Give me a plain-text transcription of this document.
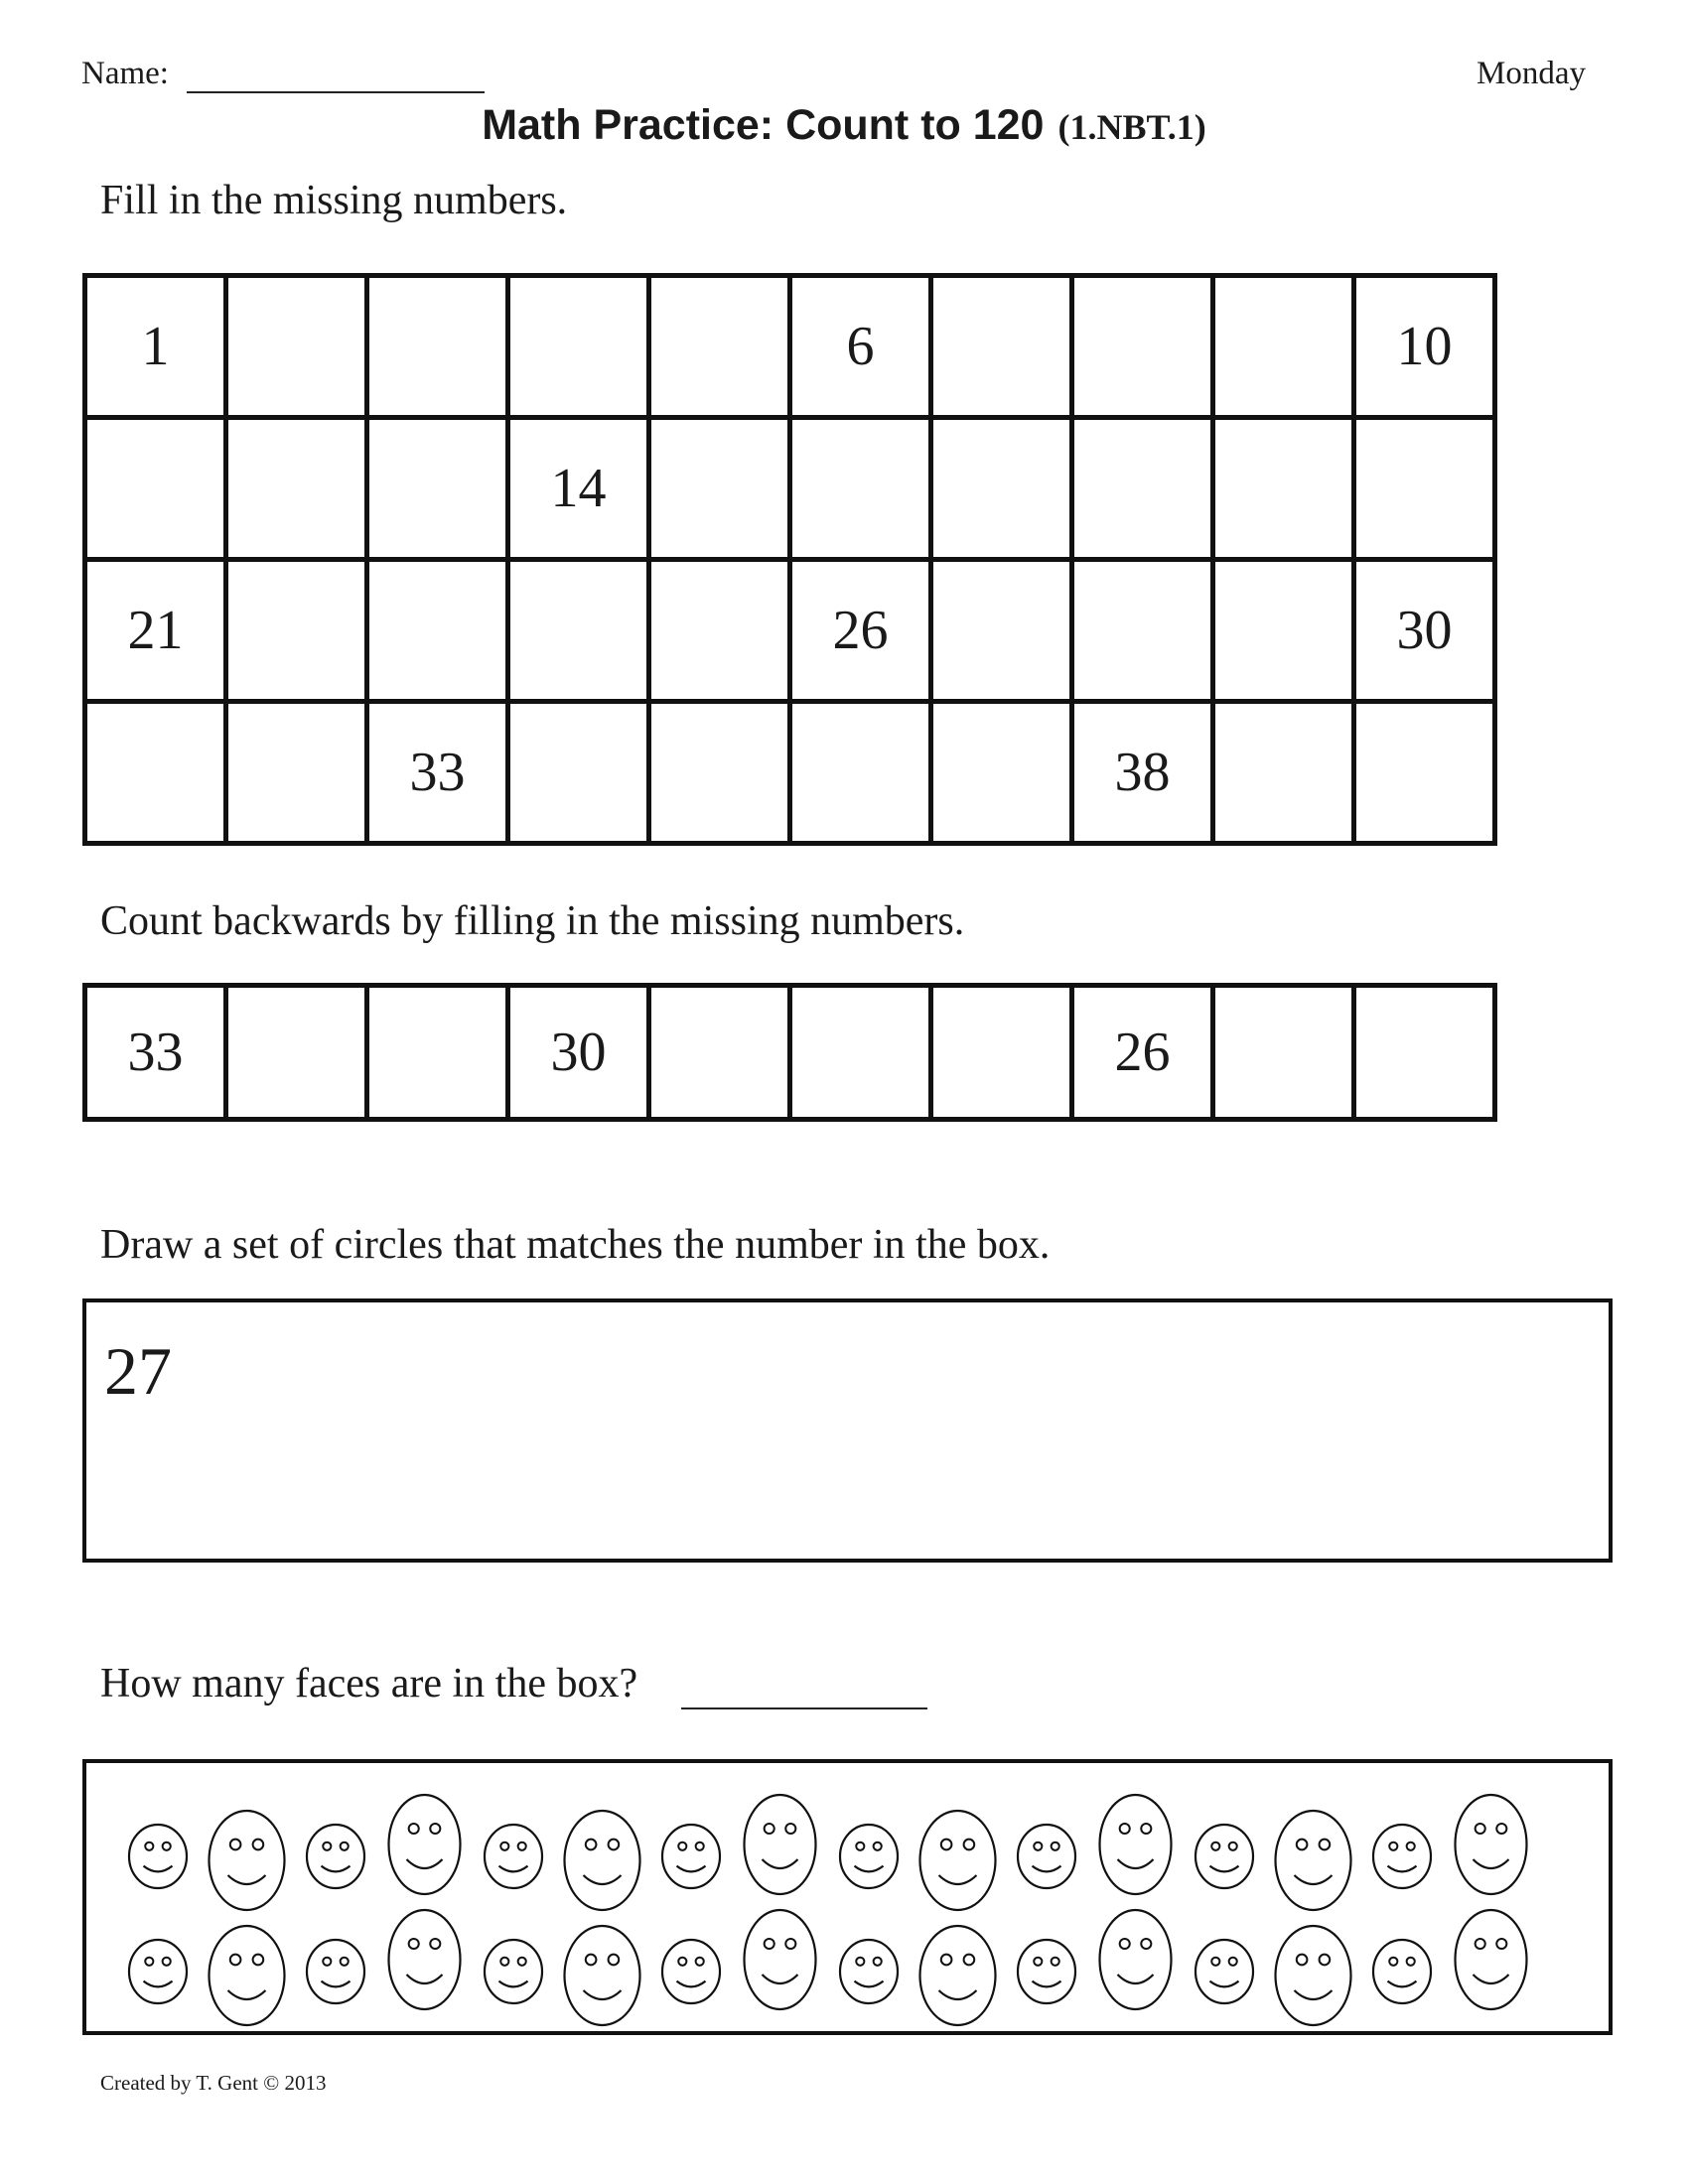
Name:	Monday
Math Practice: Count to 120 (1.NBT.1)
Fill in the missing numbers.
1					6				10
			14						
21					26				30
		33					38		
Count backwards by filling in the missing numbers.
33			30				26		
Draw a set of circles that matches the number in the box.
27
How many faces are in the box?
Created by T. Gent © 2013
